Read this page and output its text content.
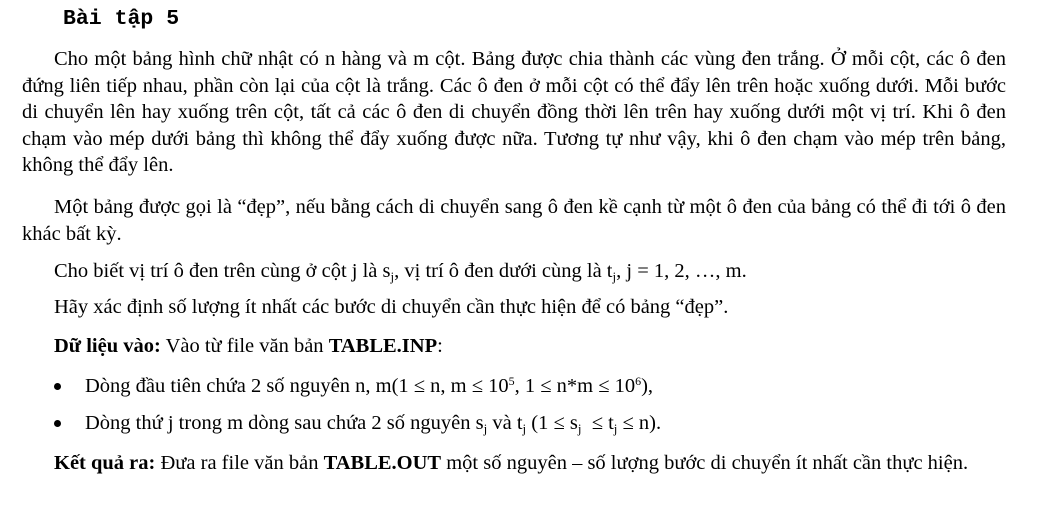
Bài tập 5
Cho một bảng hình chữ nhật có n hàng và m cột. Bảng được chia thành các vùng đen trắng. Ở mỗi cột, các ô đen đứng liên tiếp nhau, phần còn lại của cột là trắng. Các ô đen ở mỗi cột có thể đẩy lên trên hoặc xuống dưới. Mỗi bước di chuyển lên hay xuống trên cột, tất cả các ô đen di chuyển đồng thời lên trên hay xuống dưới một vị trí. Khi ô đen chạm vào mép dưới bảng thì không thể đẩy xuống được nữa. Tương tự như vậy, khi ô đen chạm vào mép trên bảng, không thể đẩy lên.
Một bảng được gọi là “đẹp”, nếu bằng cách di chuyển sang ô đen kề cạnh từ một ô đen của bảng có thể đi tới ô đen khác bất kỳ.
Cho biết vị trí ô đen trên cùng ở cột j là $s_j$, vị trí ô đen dưới cùng là $t_j$, j = 1, 2, …, m.
Hãy xác định số lượng ít nhất các bước di chuyển cần thực hiện để có bảng “đẹp”.
Dữ liệu vào: Vào từ file văn bản TABLE.INP:
Dòng đầu tiên chứa 2 số nguyên n, m(1 ≤ n, $m \le 10^5$, $1 \le n*m \le 10^6$),
Dòng thứ j trong m dòng sau chứa 2 số nguyên $s_j$ và $t_j$ $(1 \le s_j \le t_j \le n)$.
Kết quả ra: Đưa ra file văn bản TABLE.OUT một số nguyên – số lượng bước di chuyển ít nhất cần thực hiện.
